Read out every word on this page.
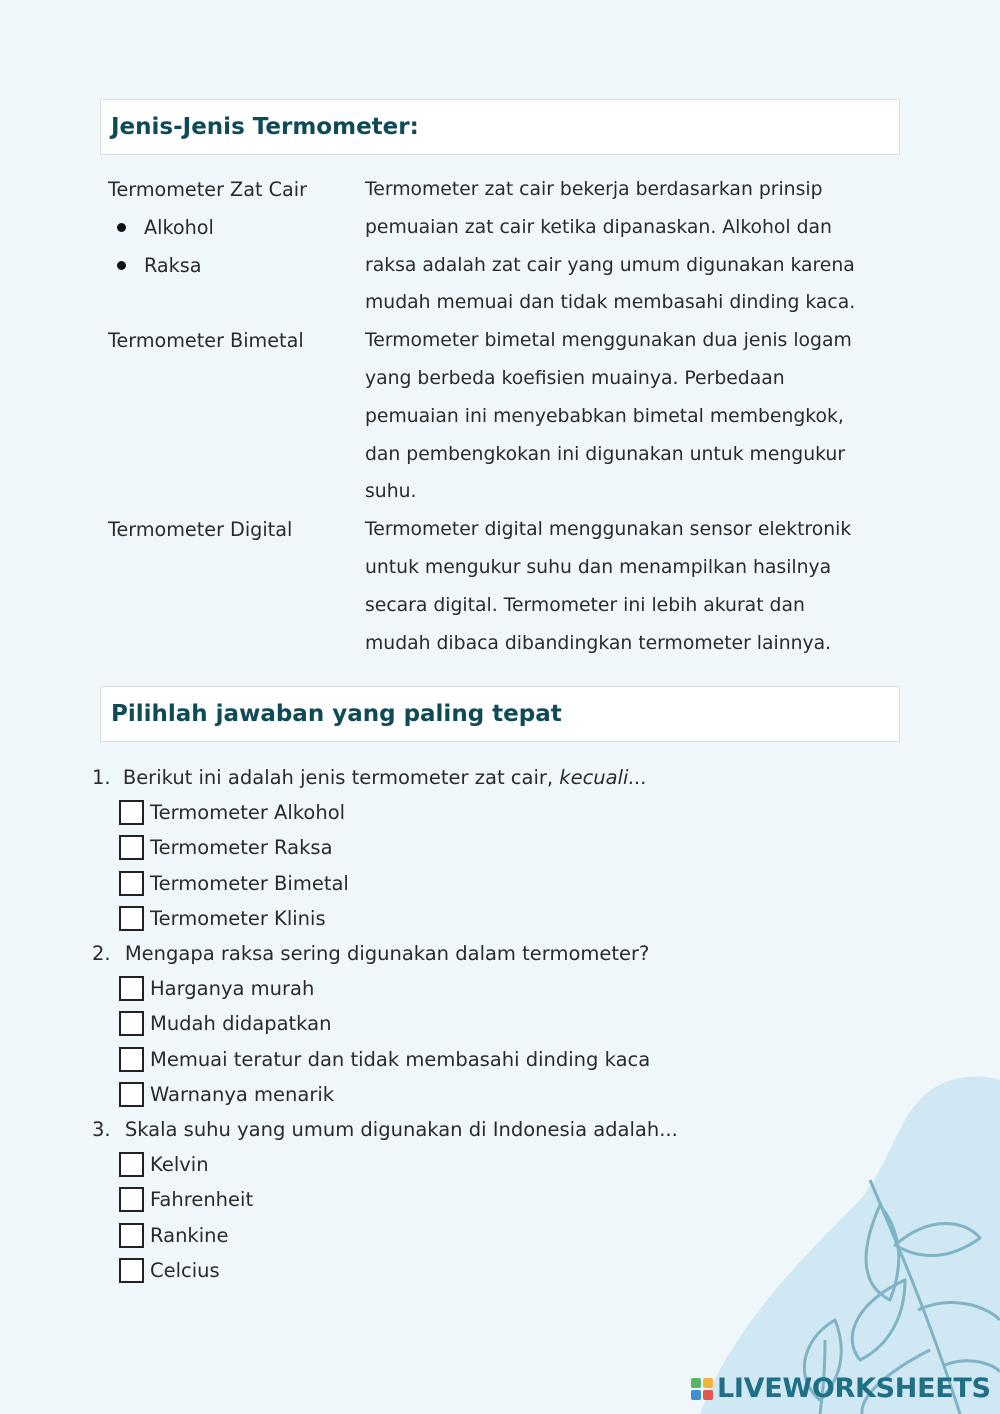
Jenis-Jenis Termometer:
Termometer Zat Cair
Alkohol
Raksa
Termometer zat cair bekerja berdasarkan prinsip
pemuaian zat cair ketika dipanaskan. Alkohol dan
raksa adalah zat cair yang umum digunakan karena
mudah memuai dan tidak membasahi dinding kaca.
Termometer Bimetal	Termometer bimetal menggunakan dua jenis logam
yang berbeda koefisien muainya. Perbedaan
pemuaian ini menyebabkan bimetal membengkok,
dan pembengkokan ini digunakan untuk mengukur
suhu.
Termometer Digital	Termometer digital menggunakan sensor elektronik
untuk mengukur suhu dan menampilkan hasilnya
secara digital. Termometer ini lebih akurat dan
mudah dibaca dibandingkan termometer lainnya.
Pilihlah jawaban yang paling tepat
1. Berikut ini adalah jenis termometer zat cair, kecuali...
Termometer Alkohol
Termometer Raksa
Termometer Bimetal
Termometer Klinis
2. Mengapa raksa sering digunakan dalam termometer?
Harganya murah
Mudah didapatkan
Memuai teratur dan tidak membasahi dinding kaca
Warnanya menarik
3. Skala suhu yang umum digunakan di Indonesia adalah...
Kelvin
Fahrenheit
Rankine
Celcius
LIVEWORKSHEETS
